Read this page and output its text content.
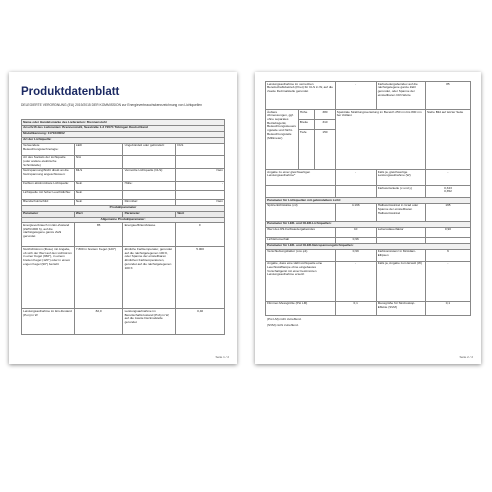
Produktdatenblatt
DELEGIERTE VERORDNUNG (EU) 2019/2015 DER KOMMISSION zur Energieverbrauchskennzeichnung von Lichtquellen
Name oder Handelsmarke des Lieferanten: Brennenstuhl			
Anschrift des Lieferanten: Brennenstuhl, Seestraße 1-3 72074 Tübingen Deutschland			
Modellkennung: 1171630002			
Art der Lichtquelle:			
Verwendete Beleuchtungstechnologie:	LED	Ungebündelt oder gebündelt:	DLS
Art des Sockels der Lichtquelle (oder andere elektrische Schnittstelle)	N/A		
Netzspannung/Nicht direkt an die Netzspannung angeschlossen:	MLS	Vernetzte Lichtquelle (CLS):	Nein
Farbton abstimmbare Lichtquelle:	Nein	Hülle:	-
Lichtquelle mit hoher Leuchtdichte:	Nein		
Blendschutzschild:	Nein	Dimmbar:	Nein
Produktparameter			
Parameter	Wert	Parameter	Wert
Allgemeine Produktparameter:			
Energieverbrauch im Ein-Zustand (kWh/1000 h), auf die nächstgelegene ganze Zahl gerundet	85	Energieeffizienzklasse	F
Nutzlichtstrom (Φuse) mit Angabe, ob sich der Wert auf den Lichtstrom in einer Kugel (360°), in einem breiten Kegel (120°) oder in einem engen Kegel (90°) bezieht	7.800 in breitem Kegel (120°)	ähnliche Farbtemperatur, gerundet auf die nächstgelegenen 100 K, oder Spanne der einstellbaren ähnlichen Farbtemperaturen, gerundet auf die nächstgelegenen 100 K	5.000
Leistungsaufnahme im Ein-Zustand (Pon) in W	82,0	Leistungsaufnahme im Bereitschaftszustand (Psb) in W, auf die zweite Dezimalstelle gerundet	0,40
Seite 1 / 2
Leistungsaufnahme im vernetzten Bereitschaftsbetrieb (Pnet) für CLS in W, auf die zweite Dezimalstelle gerundet			-	Farbwiedergabeindex auf die nächstgelegene ganze Zahl gerundet, oder Spanne der einstellbaren CRI-Werte	85
Äußere Abmessungen, ggf. ohne separates Betriebsgerät, Beleuchtungssteuerungsteile und Nicht-Beleuchtungsteile (Millimeter)	Höhe	380	Spektrale Strahlungsverteilung im Bereich 250 nm bis 800 nm bei Volllast		Siehe Bild auf letzter Seite
	Breite	310			
	Tiefe	150			
Angabe zu einer gleichwertigen Leistungsaufnahme*			-	Falls ja, gleichwertige Leistungsaufnahme (W)	-
				Farbwertanteile (x und y)	0,343
0,352

Parameter für Lichtquellen mit gebündeltem Licht:					
Spitzenlichtstärke (cd)			4.196	Halbwertswinkel in Grad oder Spanne der einstellbaren Halbwertswinkel	165
Parameter für LED- und OLED-Lichtquellen:					
Wert des R9-Farbwiedergabeindex			10	Lebensdauerfaktor	0,90
Lichtstromerhalt			0,96		
Parameter für LED- und OLED-Netzspannungslichtquellen:					
Verschiebungsfaktor (cos φ1)			0,99	Farbkonsistenz in McAdam-Ellipsen	6
Angabe, dass eine LED-Lichtquelle eine Leuchtstofflampe ohne eingebautes Vorschaltgerät mit einer bestimmten Leistungsaufnahme ersetzt			-	Falls ja, Angabe zum Ersatz (W)	-
Flimmer-Messgröße (Pst LM)			0,1	Messgröße für Stroboskop-Effekte (SVM)	0,1
(Pst LM) nicht zutreffend.
(SVM) nicht zutreffend.
Seite 2 / 2
